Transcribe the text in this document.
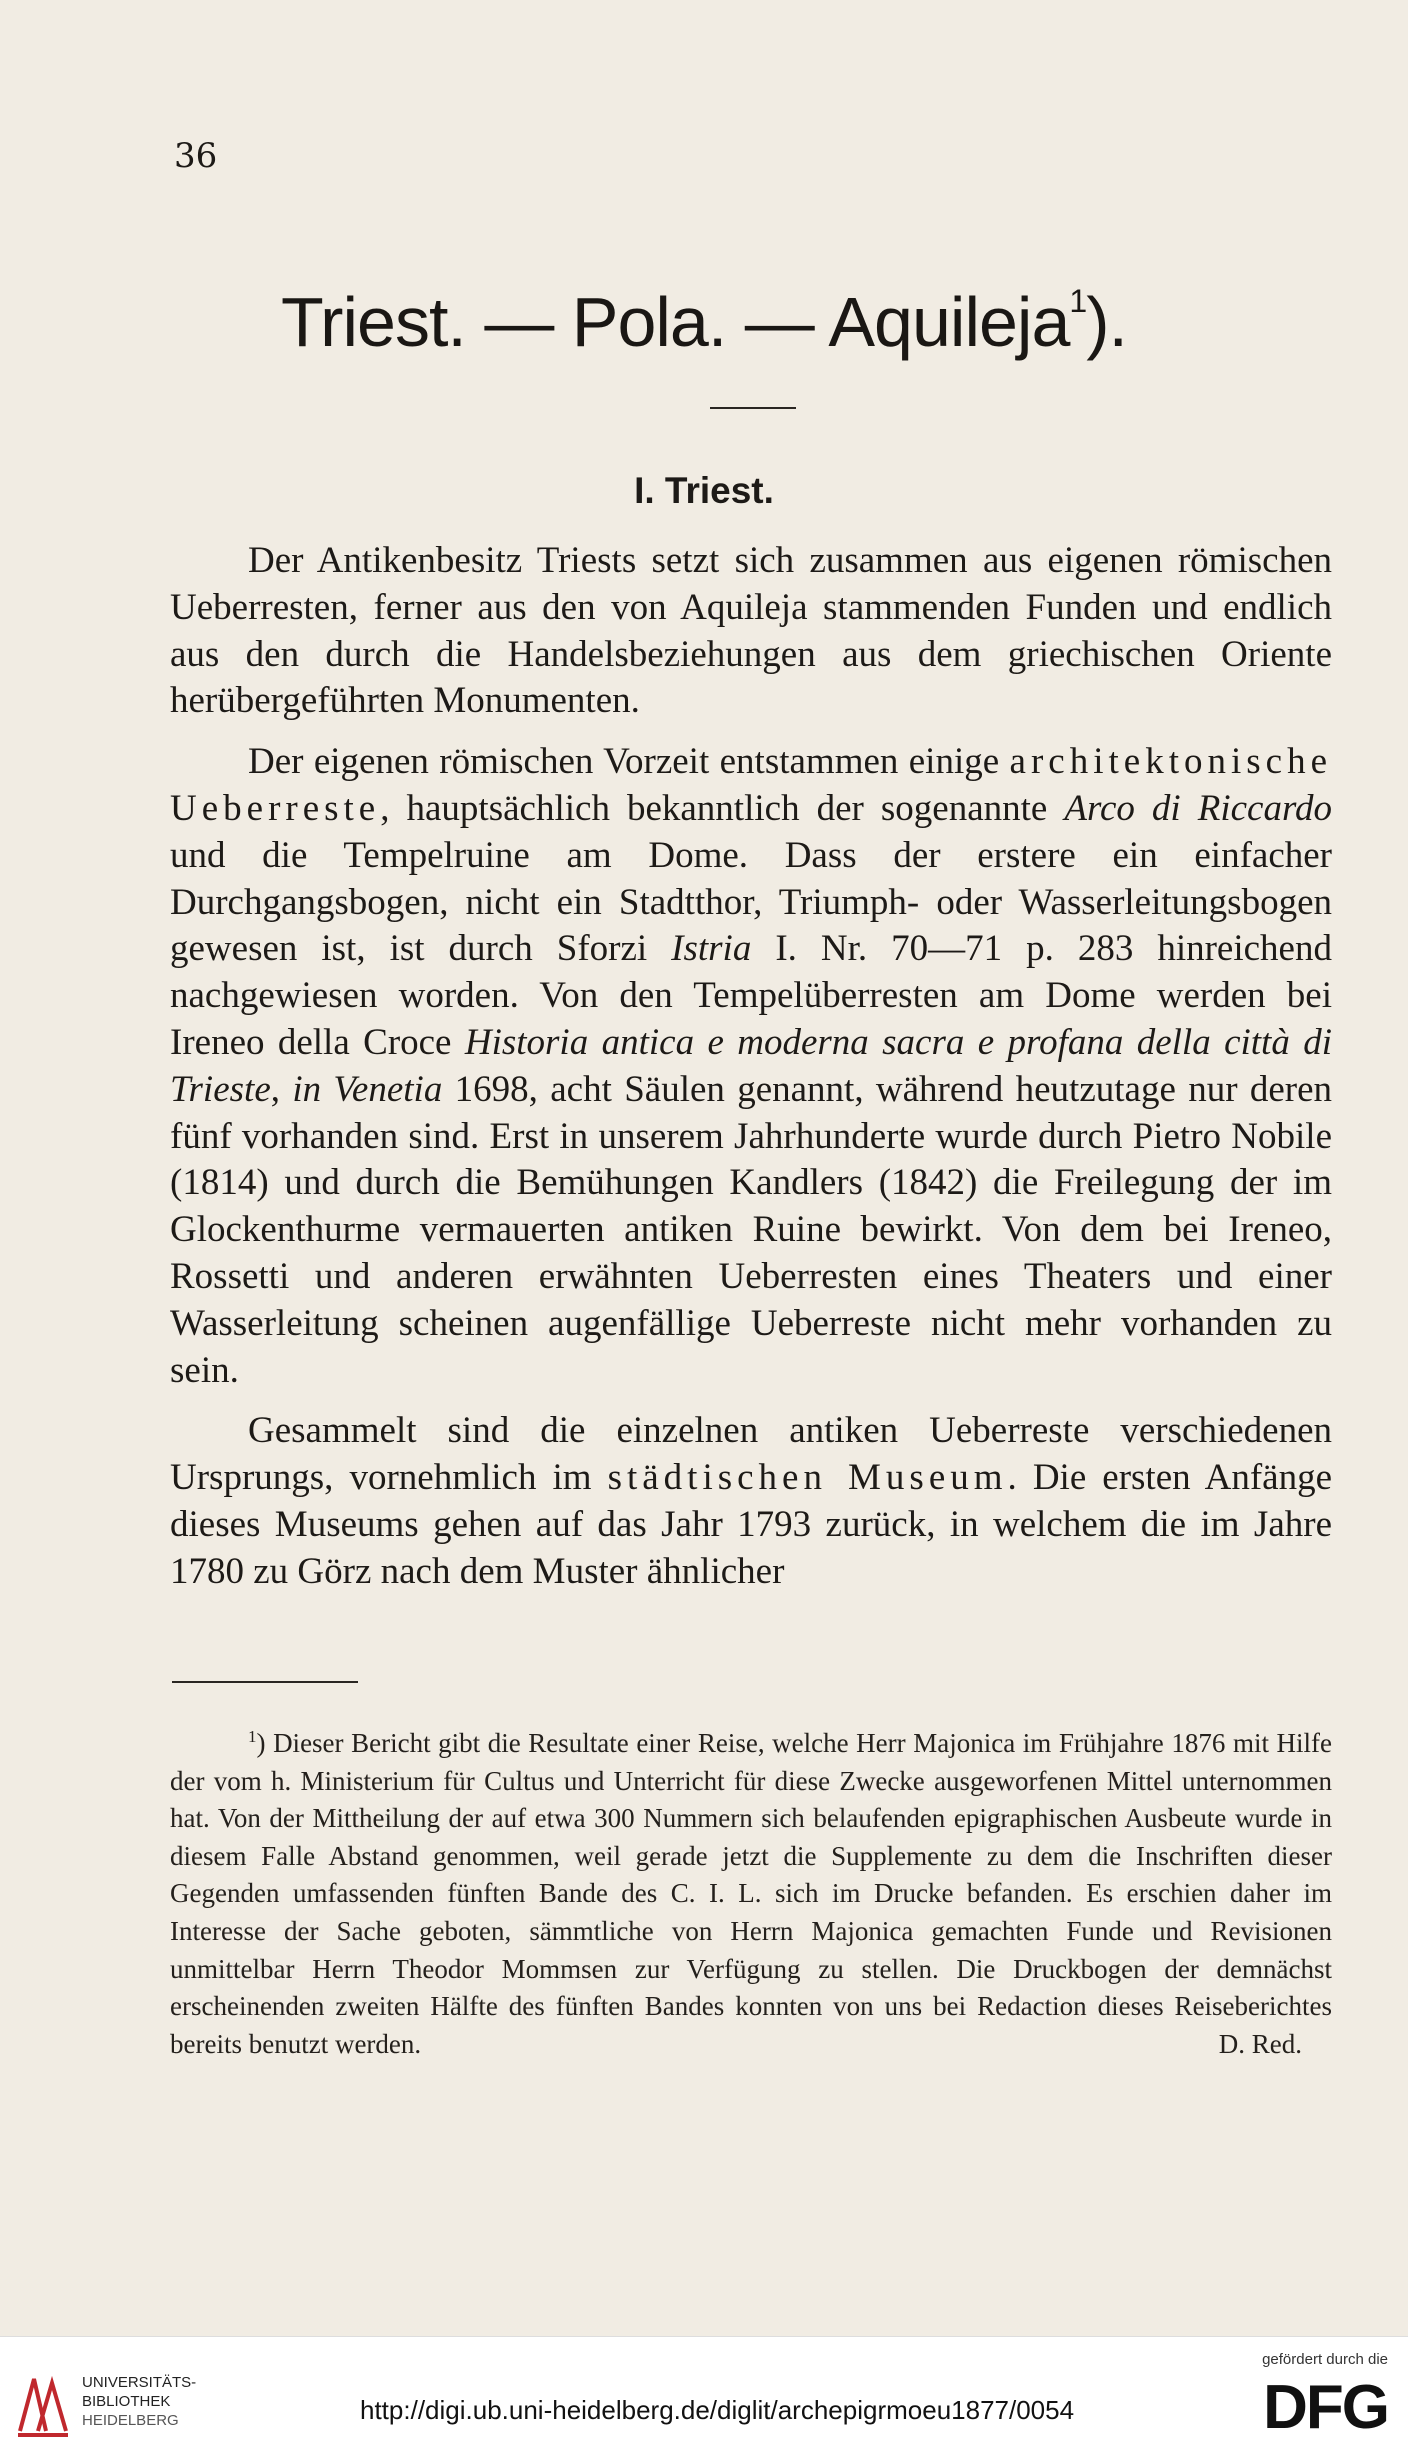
36
Triest. — Pola. — Aquileja$^1$).
I. Triest.

Der Antikenbesitz Triests setzt sich zusammen aus eigenen römischen Ueberresten, ferner aus den von Aquileja stammenden Funden und endlich aus den durch die Handelsbeziehungen aus dem griechischen Oriente herübergeführten Monumenten.

Der eigenen römischen Vorzeit entstammen einige architektonische Ueberreste, hauptsächlich bekanntlich der sogenannte Arco di Riccardo und die Tempelruine am Dome. Dass der erstere ein einfacher Durchgangsbogen, nicht ein Stadtthor, Triumph- oder Wasserleitungsbogen gewesen ist, ist durch Sforzi Istria I. Nr. 70—71 p. 283 hinreichend nachgewiesen worden. Von den Tempelüberresten am Dome werden bei Ireneo della Croce Historia antica e moderna sacra e profana della città di Trieste, in Venetia 1698, acht Säulen genannt, während heutzutage nur deren fünf vorhanden sind. Erst in unserem Jahrhunderte wurde durch Pietro Nobile (1814) und durch die Bemühungen Kandlers (1842) die Freilegung der im Glockenthurme vermauerten antiken Ruine bewirkt. Von dem bei Ireneo, Rossetti und anderen erwähnten Ueberresten eines Theaters und einer Wasserleitung scheinen augenfällige Ueberreste nicht mehr vorhanden zu sein.

Gesammelt sind die einzelnen antiken Ueberreste verschiedenen Ursprungs, vornehmlich im städtischen Museum. Die ersten Anfänge dieses Museums gehen auf das Jahr 1793 zurück, in welchem die im Jahre 1780 zu Görz nach dem Muster ähnlicher

$^1$) Dieser Bericht gibt die Resultate einer Reise, welche Herr Majonica im Frühjahre 1876 mit Hilfe der vom h. Ministerium für Cultus und Unterricht für diese Zwecke ausgeworfenen Mittel unternommen hat. Von der Mittheilung der auf etwa 300 Nummern sich belaufenden epigraphischen Ausbeute wurde in diesem Falle Abstand genommen, weil gerade jetzt die Supplemente zu dem die Inschriften dieser Gegenden umfassenden fünften Bande des C. I. L. sich im Drucke befanden. Es erschien daher im Interesse der Sache geboten, sämmtliche von Herrn Majonica gemachten Funde und Revisionen unmittelbar Herrn Theodor Mommsen zur Verfügung zu stellen. Die Druckbogen der demnächst erscheinenden zweiten Hälfte des fünften Bandes konnten von uns bei Redaction dieses Reiseberichtes bereits benutzt werden.	D. Red.

UNIVERSITÄTS-
BIBLIOTHEK
HEIDELBERG	http://digi.ub.uni-heidelberg.de/diglit/archepigrmoeu1877/0054
gefördert durch die
DFG
